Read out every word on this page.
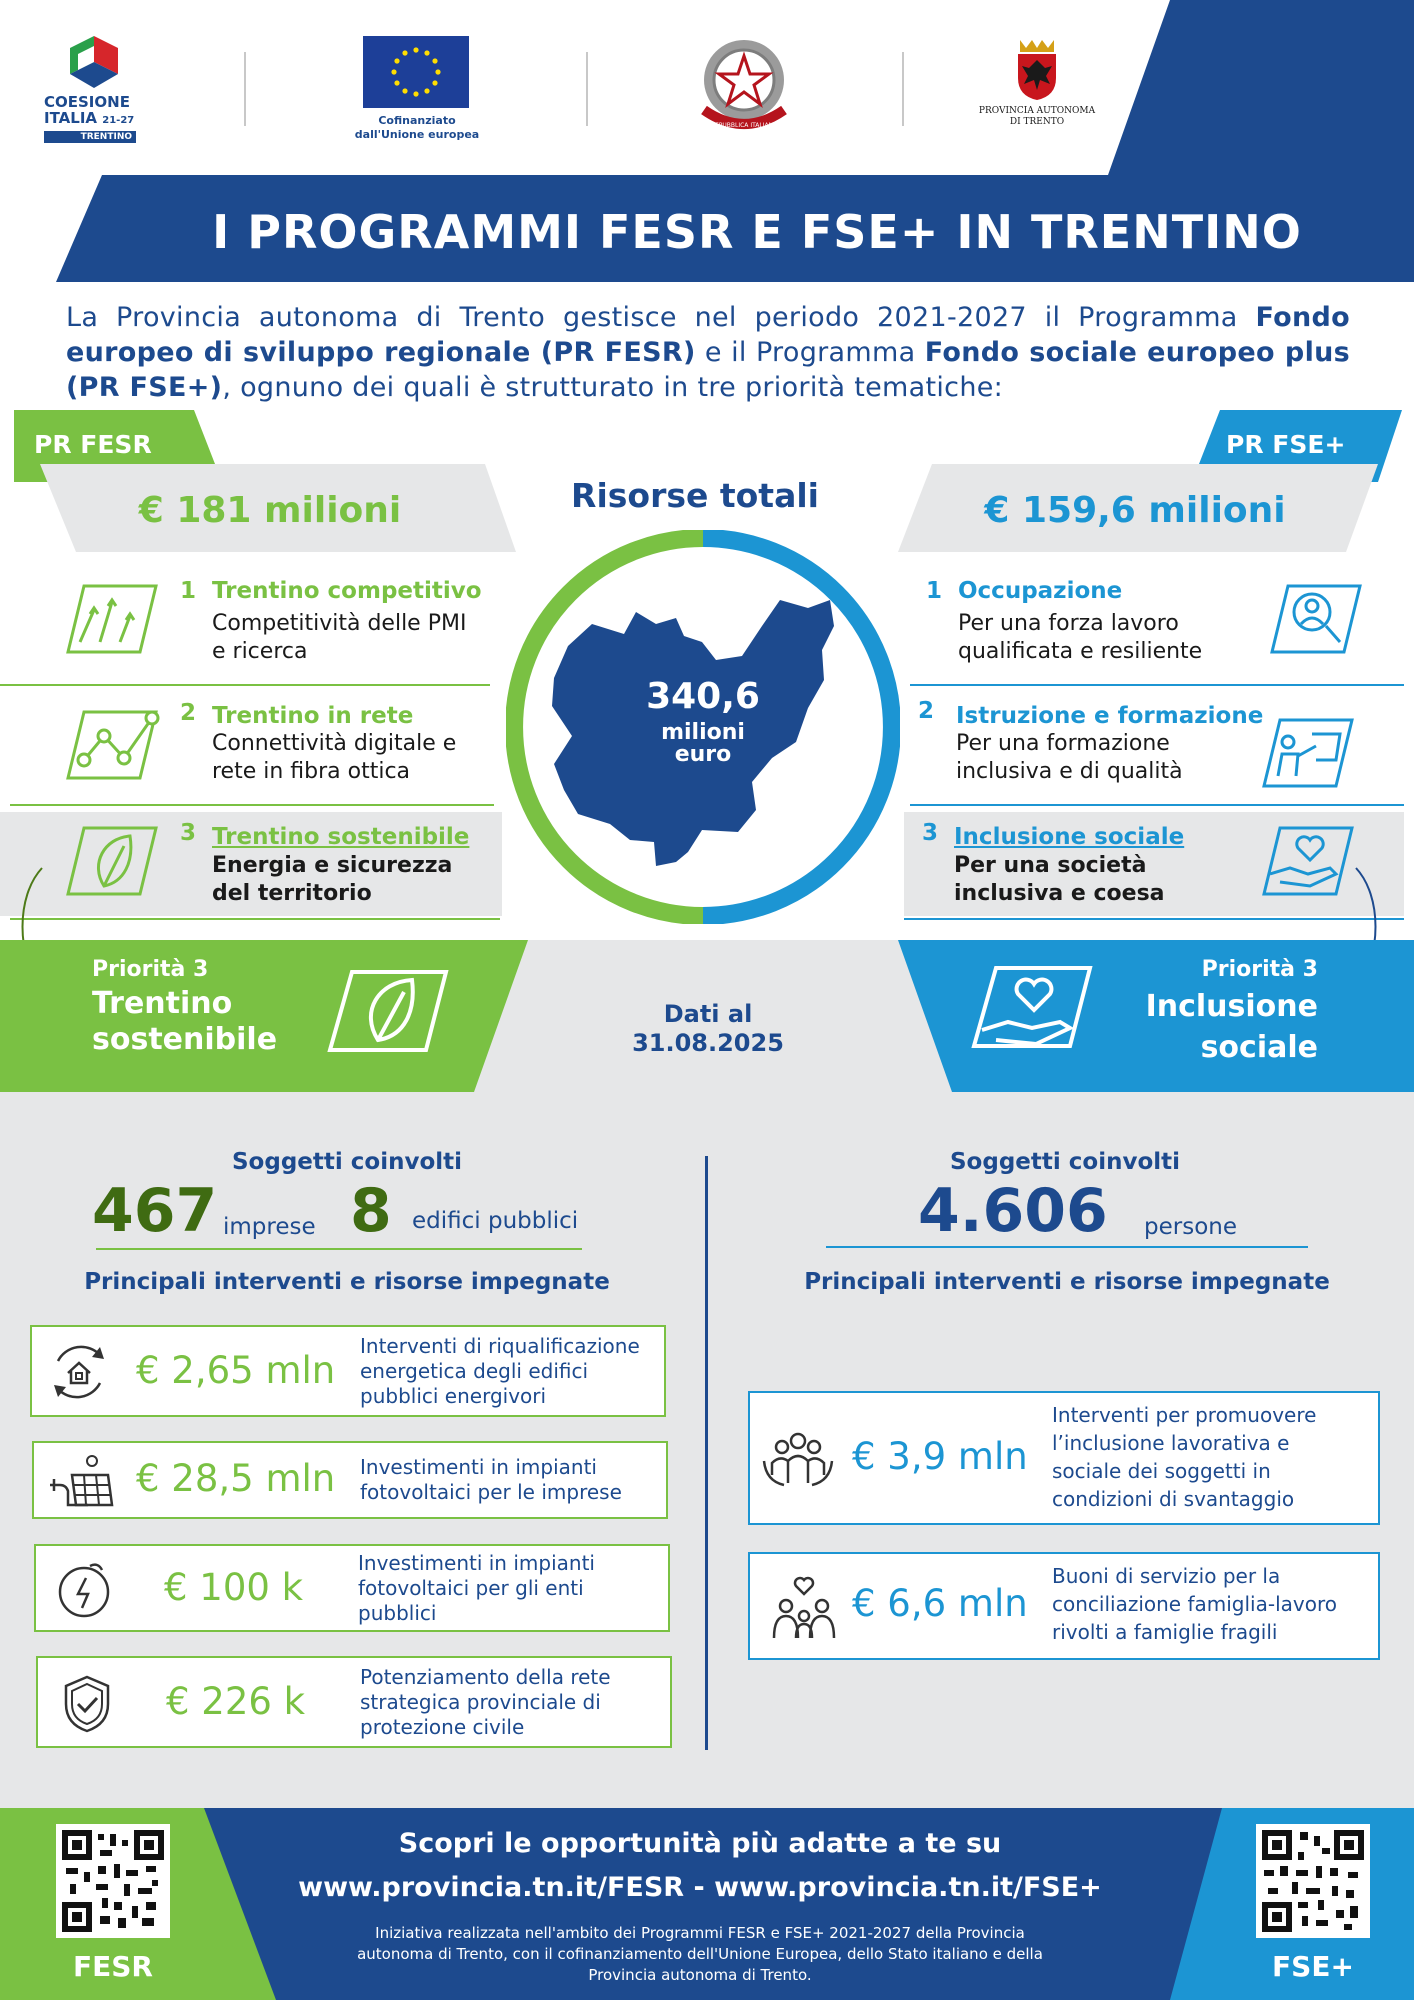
COESIONE
ITALIA 21-27
TRENTINO
Cofinanziato
dall'Unione europea
REPUBBLICA ITALIANA
PROVINCIA AUTONOMA
DI TRENTO
I PROGRAMMI FESR E FSE+ IN TRENTINO
La Provincia autonoma di Trento gestisce nel periodo 2021-2027 il Programma Fondo europeo di sviluppo regionale (PR FESR) e il Programma Fondo sociale europeo plus (PR FSE+), ognuno dei quali è strutturato in tre priorità tematiche:
PR FESR
€ 181 milioni
1 Trentino competitivo
Competitività delle PMI
e ricerca
2 Trentino in rete
Connettività digitale e
rete in fibra ottica
3 Trentino sostenibile
Energia e sicurezza
del territorio
PR FSE+
€ 159,6 milioni
1 Occupazione
Per una forza lavoro
qualificata e resiliente
2 Istruzione e formazione
Per una formazione
inclusiva e di qualità
3 Inclusione sociale
Per una società
inclusiva e coesa
Risorse totali
340,6
milioni
euro
Priorità 3
Trentino
sostenibile
Priorità 3
Inclusione
sociale
Dati al
31.08.2025
Soggetti coinvolti
467 imprese 8 edifici pubblici
Principali interventi e risorse impegnate
€ 2,65 mln
Interventi di riqualificazione
energetica degli edifici
pubblici energivori
€ 28,5 mln Investimenti in impianti
fotovoltaici per le imprese
€ 100 k
Investimenti in impianti
fotovoltaici per gli enti
pubblici
€ 226 k
Potenziamento della rete
strategica provinciale di
protezione civile
Soggetti coinvolti
4.606 persone
Principali interventi e risorse impegnate
€ 3,9 mln
Interventi per promuovere
l’inclusione lavorativa e
sociale dei soggetti in
condizioni di svantaggio
€ 6,6 mln
Buoni di servizio per la
conciliazione famiglia-lavoro
rivolti a famiglie fragili
FESR	FSE+
Scopri le opportunità più adatte a te su
www.provincia.tn.it/FESR - www.provincia.tn.it/FSE+
Iniziativa realizzata nell'ambito dei Programmi FESR e FSE+ 2021-2027 della Provincia
autonoma di Trento, con il cofinanziamento dell'Unione Europea, dello Stato italiano e della
Provincia autonoma di Trento.
